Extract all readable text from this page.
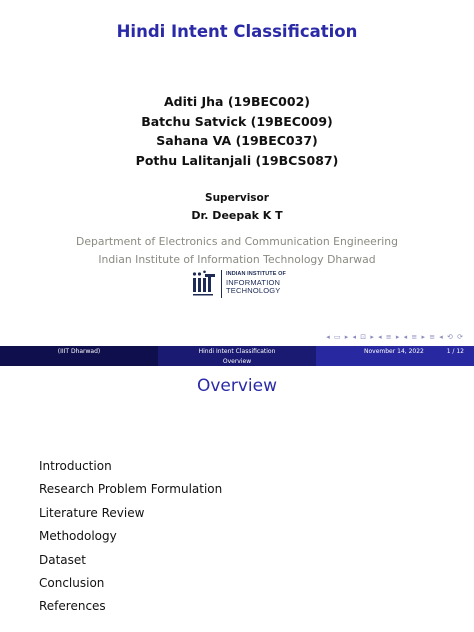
Hindi Intent Classification
Aditi Jha (19BEC002)
Batchu Satvick (19BEC009)
Sahana VA (19BEC037)
Pothu Lalitanjali (19BCS087)
Supervisor
Dr. Deepak K T
Department of Electronics and Communication Engineering
Indian Institute of Information Technology Dharwad
INDIAN INSTITUTE OF
INFORMATION
TECHNOLOGY
◂ ▭ ▸ ◂ ⊡ ▸ ◂ ≡ ▸ ◂ ≡ ▸ ≡ ◂ ⟲ ⟳
(IIIT Dharwad)	Hindi Intent Classification	November 14, 2022	1 / 12
Overview
Overview
Introduction
Research Problem Formulation
Literature Review
Methodology
Dataset
Conclusion
References
